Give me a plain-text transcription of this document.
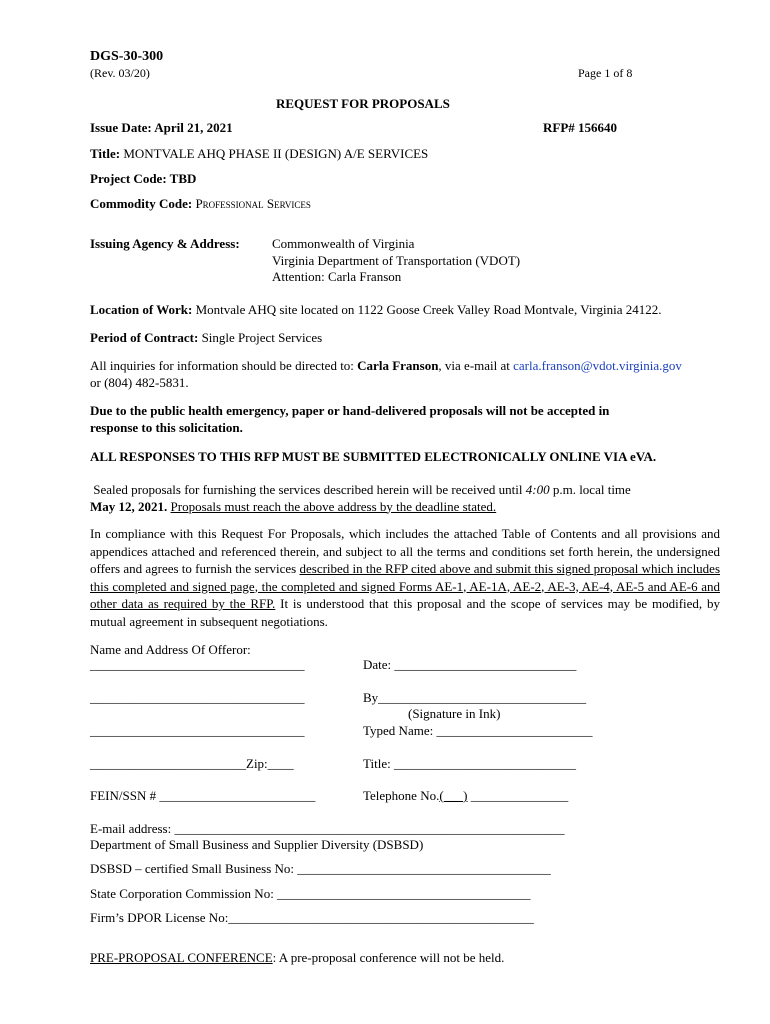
DGS-30-300
(Rev. 03/20)	Page 1 of 8
REQUEST FOR PROPOSALS
Issue Date: April 21, 2021	RFP# 156640
Title: MONTVALE AHQ PHASE II (DESIGN) A/E SERVICES
Project Code: TBD
Commodity Code: Professional Services
Issuing Agency & Address: Commonwealth of Virginia
Virginia Department of Transportation (VDOT)
Attention: Carla Franson
Location of Work: Montvale AHQ site located on 1122 Goose Creek Valley Road Montvale, Virginia 24122.
Period of Contract: Single Project Services
All inquiries for information should be directed to: Carla Franson, via e-mail at carla.franson@vdot.virginia.gov
or (804) 482-5831.
Due to the public health emergency, paper or hand-delivered proposals will not be accepted in
response to this solicitation.
ALL RESPONSES TO THIS RFP MUST BE SUBMITTED ELECTRONICALLY ONLINE VIA eVA.
Sealed proposals for furnishing the services described herein will be received until 4:00 p.m. local time
May 12, 2021. Proposals must reach the above address by the deadline stated.
In compliance with this Request For Proposals, which includes the attached Table of Contents and all provisions and appendices attached and referenced therein, and subject to all the terms and conditions set forth herein, the undersigned offers and agrees to furnish the services described in the RFP cited above and submit this signed proposal which includes this completed and signed page, the completed and signed Forms AE-1, AE-1A, AE-2, AE-3, AE-4, AE-5 and AE-6 and other data as required by the RFP. It is understood that this proposal and the scope of services may be modified, by mutual agreement in subsequent negotiations.
Name and Address Of Offeror:
_________________________________	Date: ____________________________
_________________________________	By________________________________
(Signature in Ink)
_________________________________	Typed Name: ________________________
________________________Zip:____	Title: ____________________________
FEIN/SSN # ________________________	Telephone No.(___) _______________
E-mail address: ____________________________________________________________
Department of Small Business and Supplier Diversity (DSBSD)
DSBSD – certified Small Business No: _______________________________________
State Corporation Commission No: _______________________________________
Firm’s DPOR License No:_______________________________________________
PRE-PROPOSAL CONFERENCE: A pre-proposal conference will not be held.
